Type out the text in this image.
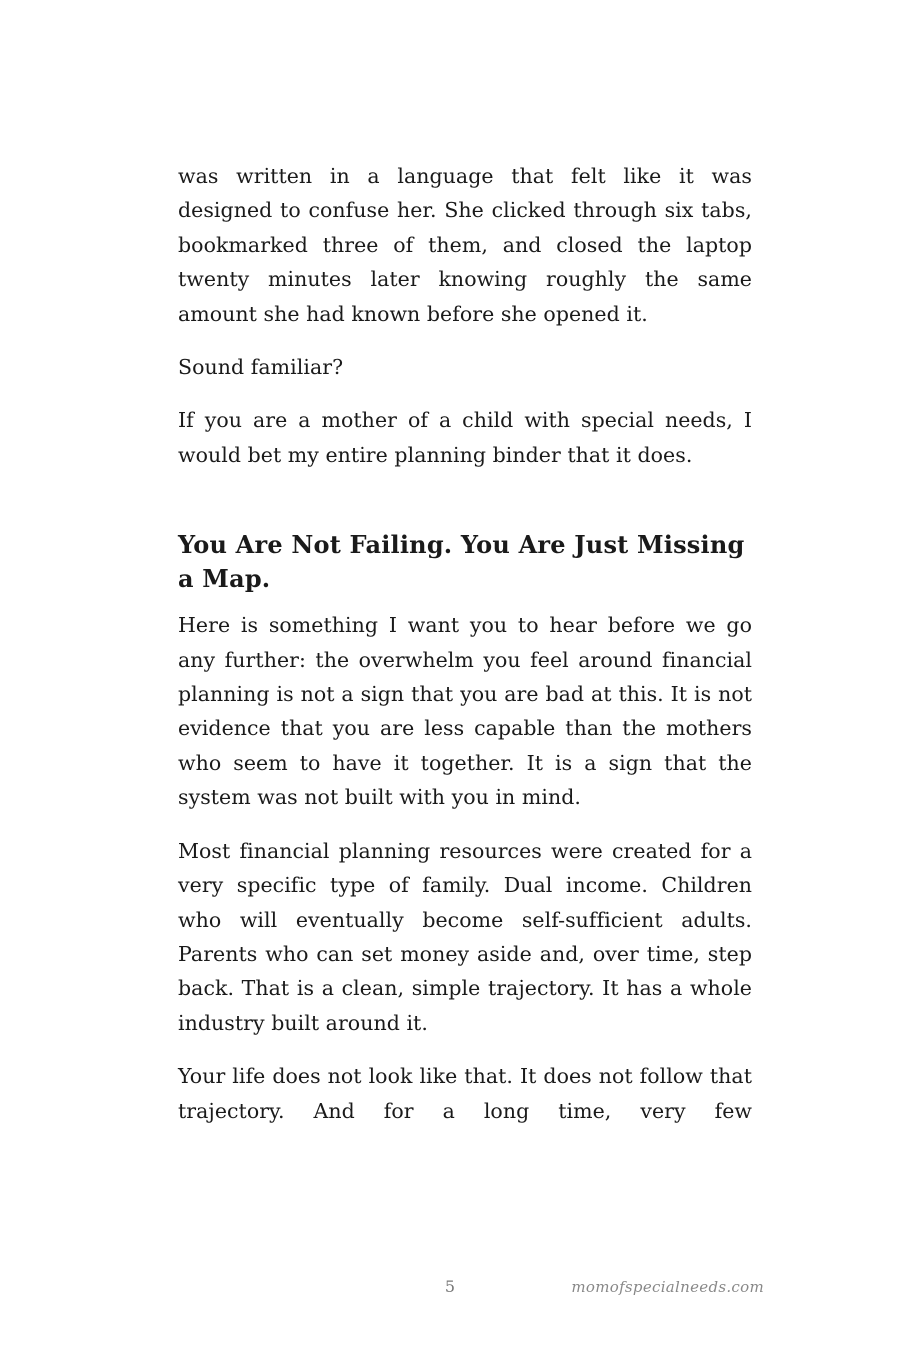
was written in a language that felt like it was designed to confuse her. She clicked through six tabs, bookmarked three of them, and closed the laptop twenty minutes later knowing roughly the same amount she had known before she opened it.

Sound familiar?

If you are a mother of a child with special needs, I would bet my entire planning binder that it does.

You Are Not Failing. You Are Just Missing a Map.

Here is something I want you to hear before we go any further: the overwhelm you feel around financial planning is not a sign that you are bad at this. It is not evidence that you are less capable than the mothers who seem to have it together. It is a sign that the system was not built with you in mind.

Most financial planning resources were created for a very specific type of family. Dual income. Children who will eventually become self-sufficient adults. Parents who can set money aside and, over time, step back. That is a clean, simple trajectory. It has a whole industry built around it.

Your life does not look like that. It does not follow that trajectory. And for a long time, very few

5	momofspecialneeds.com
